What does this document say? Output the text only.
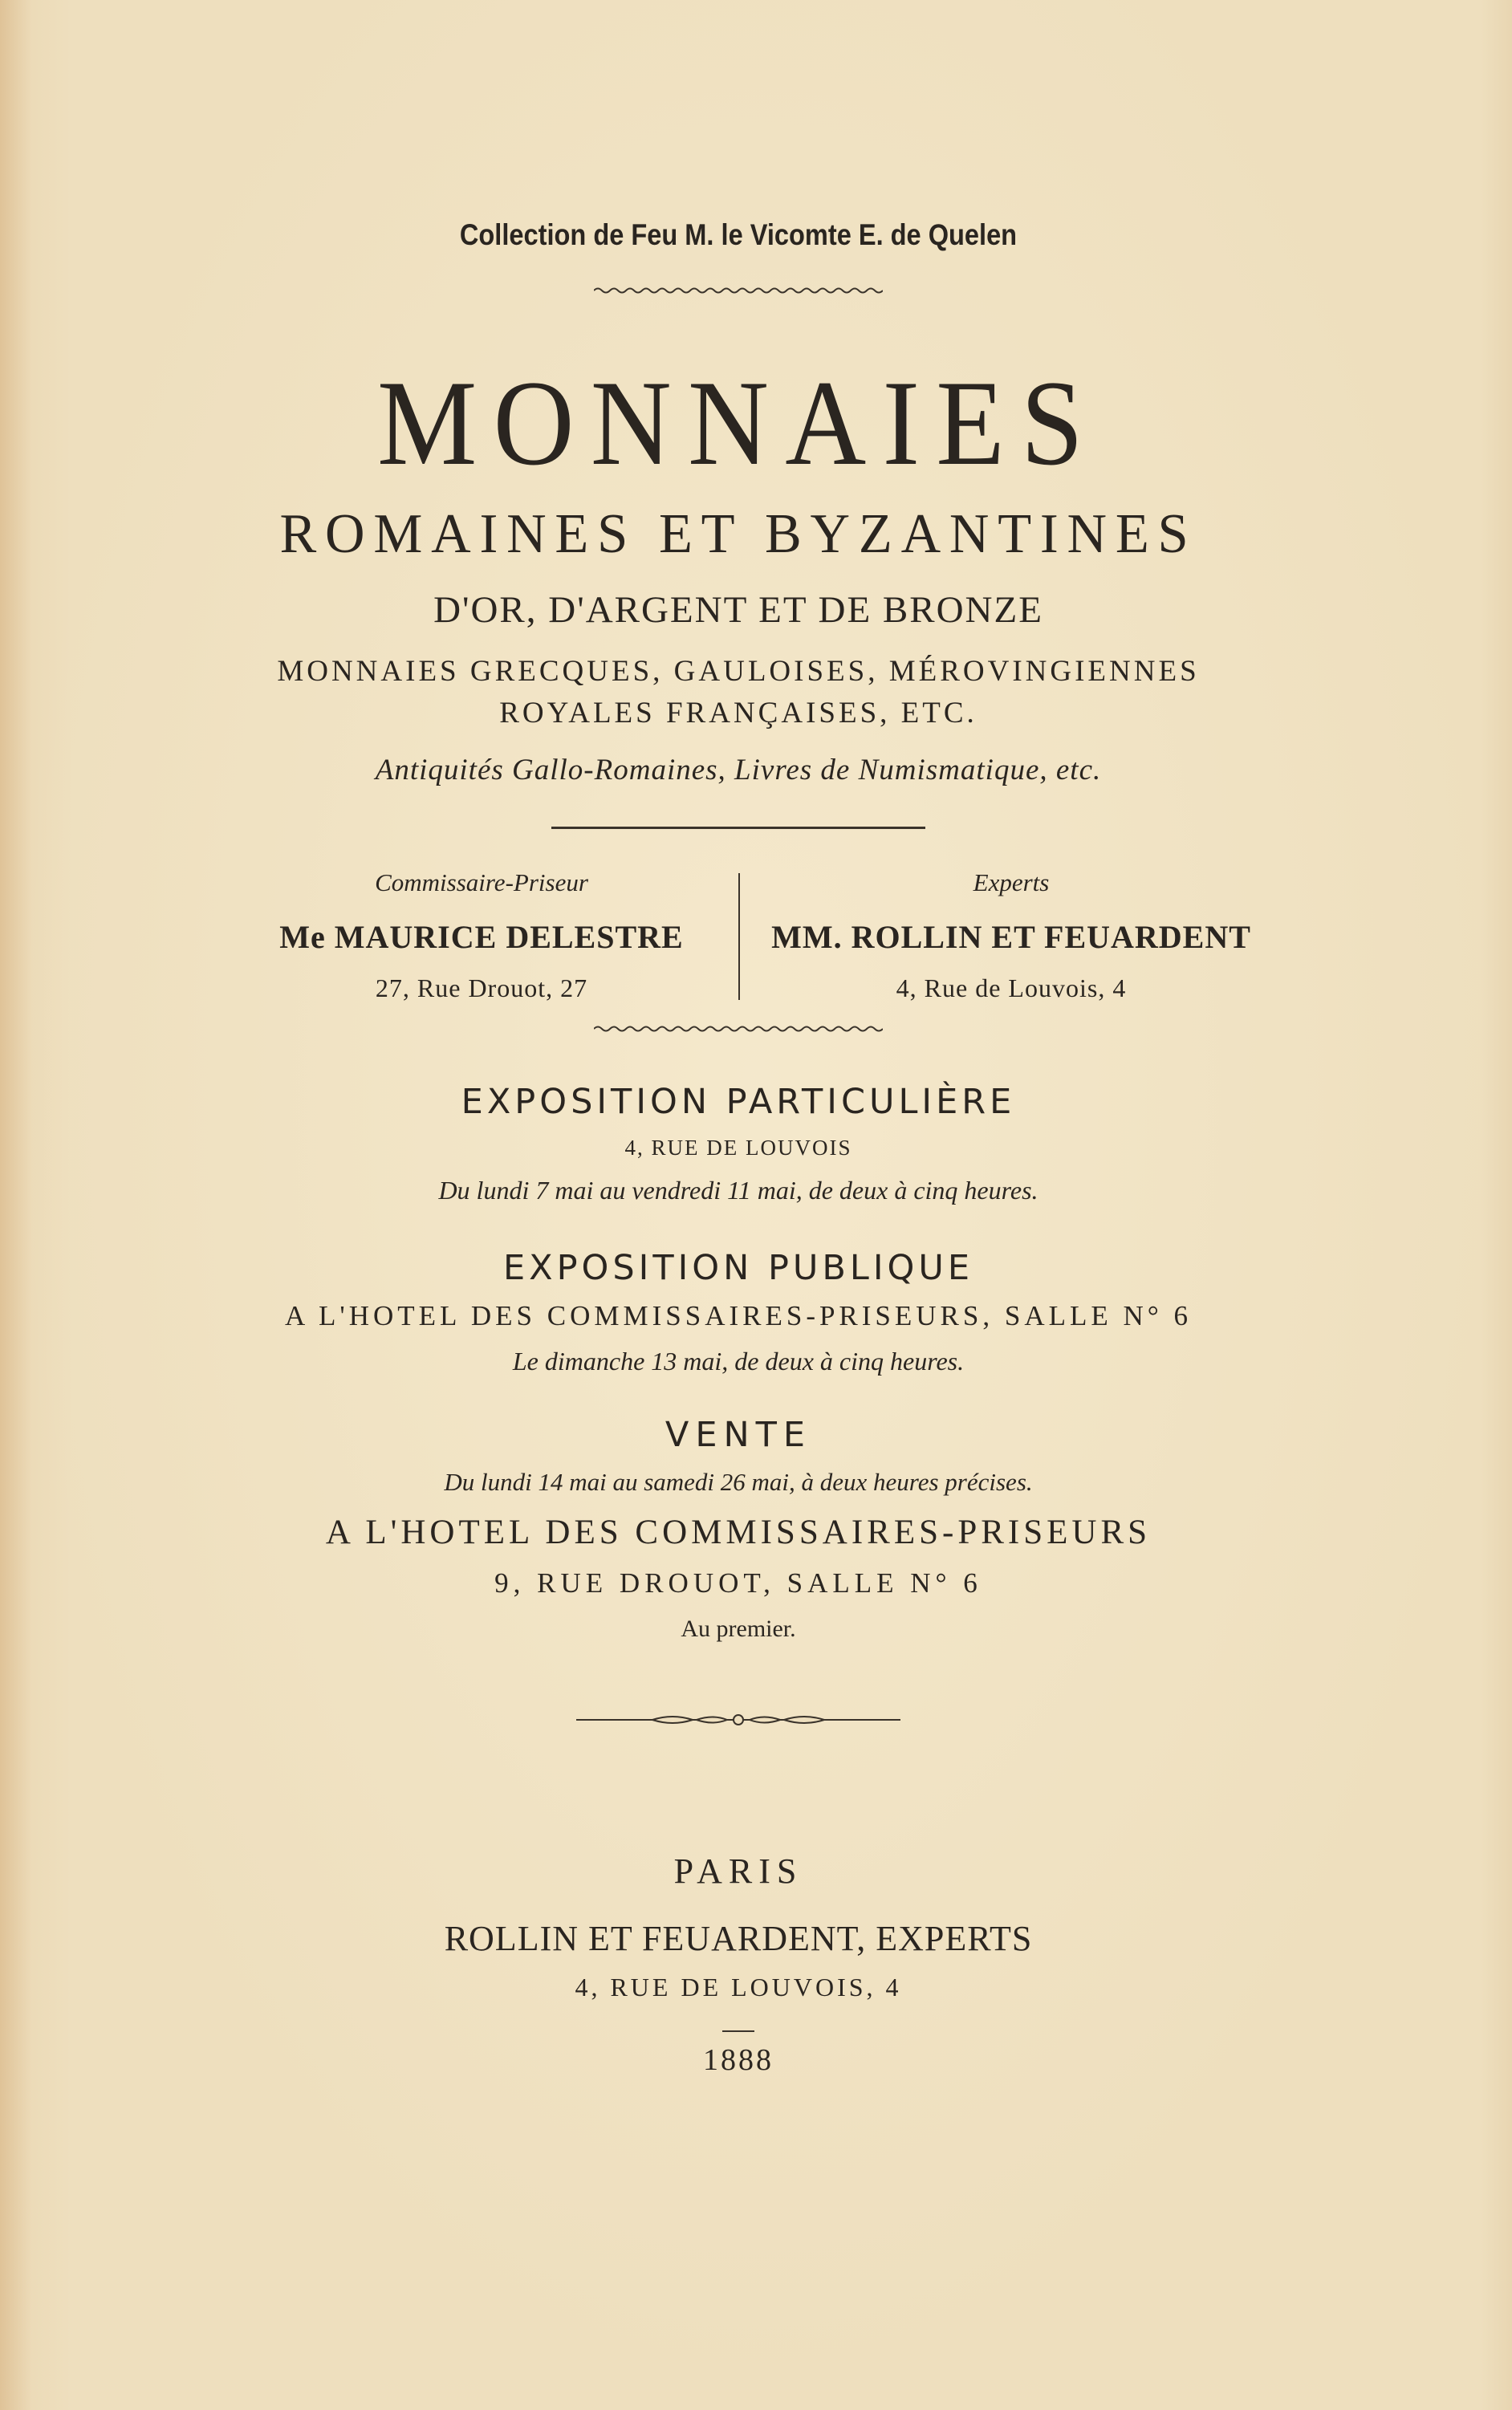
Collection de Feu M. le Vicomte E. de Quelen
MONNAIES
ROMAINES ET BYZANTINES
D'OR, D'ARGENT ET DE BRONZE
MONNAIES GRECQUES, GAULOISES, MÉROVINGIENNES
ROYALES FRANÇAISES, ETC.
Antiquités Gallo-Romaines, Livres de Numismatique, etc.
Commissaire-Priseur
Me MAURICE DELESTRE
27, Rue Drouot, 27
Experts
MM. ROLLIN ET FEUARDENT
4, Rue de Louvois, 4
EXPOSITION PARTICULIÈRE
4, RUE DE LOUVOIS
Du lundi 7 mai au vendredi 11 mai, de deux à cinq heures.
EXPOSITION PUBLIQUE
A L'HOTEL DES COMMISSAIRES-PRISEURS, SALLE N° 6
Le dimanche 13 mai, de deux à cinq heures.
VENTE
Du lundi 14 mai au samedi 26 mai, à deux heures précises.
A L'HOTEL DES COMMISSAIRES-PRISEURS
9, RUE DROUOT, SALLE N° 6
Au premier.
PARIS
ROLLIN ET FEUARDENT, EXPERTS
4, RUE DE LOUVOIS, 4
1888
